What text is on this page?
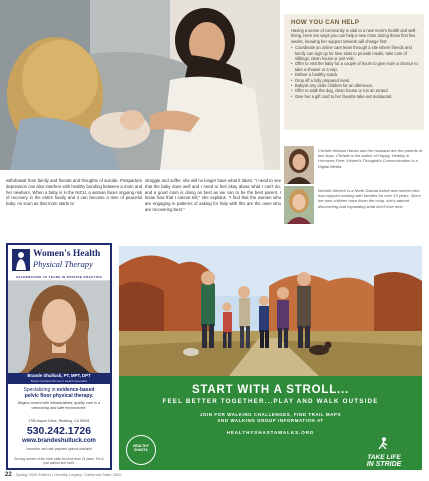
HOW YOU CAN HELP

Having a sense of community is vital to a new mom's health and well-being. Here are ways you can help a new mom during those first few weeks, knowing her support network will change first:

• Coordinate an online care team through a site where friends and family can sign up for time slots to provide meals, take care of siblings, clean house or just visit.
• Offer to visit the baby for a couple of hours to give mom a chance to take a shower or a nap.
• Deliver a healthy snack.
• Drop off a fully prepared meal.
• Babysit any older children for an afternoon.
• Offer to walk the dog, clean house or run an errand.
• Give her a gift card to her favorite take-out restaurant.

Christie Watson Hanks and her husband are the parents of two boys. Christie is the author of Happy, Healthy & Hormone-Free: Kristen's Thoughtful Communication is a Digital Media.

Nichole Dietrich is a North Dakota native and mother who has enjoyed working with families for over 15 years. Since her own children have flown the coop, she's adored discovering and expanding what she'll love next.

withdrawal from family and friends and thoughts of suicide. Postpartum depression can also interfere with healthy bonding between a mom and her newborn. When a baby is in the NICU, a woman faces ongoing risk of recovery in the entire family and it can become a time of peaceful baby. As soon as that mom starts to

struggle and suffer, she will no longer have what it takes. "I need to see that the baby does well and I need to feel okay about what I can't do, and a good mom is doing as best as we can to be the best parent. I know how that I cannot tell," she explains. "I find that the women who are engaging in patterns of asking for help with this are the ones who are recovering best."

Women's Health
Physical Therapy
CELEBRATING 15 YEARS IN PRIVATE PRACTICE
Brande Shulluck, PT, MPT, DPT
Board Certified Women's Health Specialist
Specializing in evidence-based
pelvic floor physical therapy.

Begins control with individualized, quality care in a welcoming and safe environment.

1750 Aspen Drive, Redding, CA 96001
530.242.1726
www.brandeshulluck.com
Insurance and cash payment options available
Serving women of the north state for more than 15 years. Pre & post partum and more.
START WITH A STROLL...
FEEL BETTER TOGETHER...PLAY AND WALK OUTSIDE
JOIN FOR WALKING CHALLENGES, FIND TRAIL MAPS
AND WALKING GROUP INFORMATION AT
HEALTHYSHASTAWALKS.ORG
HEALTHY SHASTA
TAKE LIFE
IN STRIDE
22 Spring 2020 Edition • Healthy Legacy: California State 2020
